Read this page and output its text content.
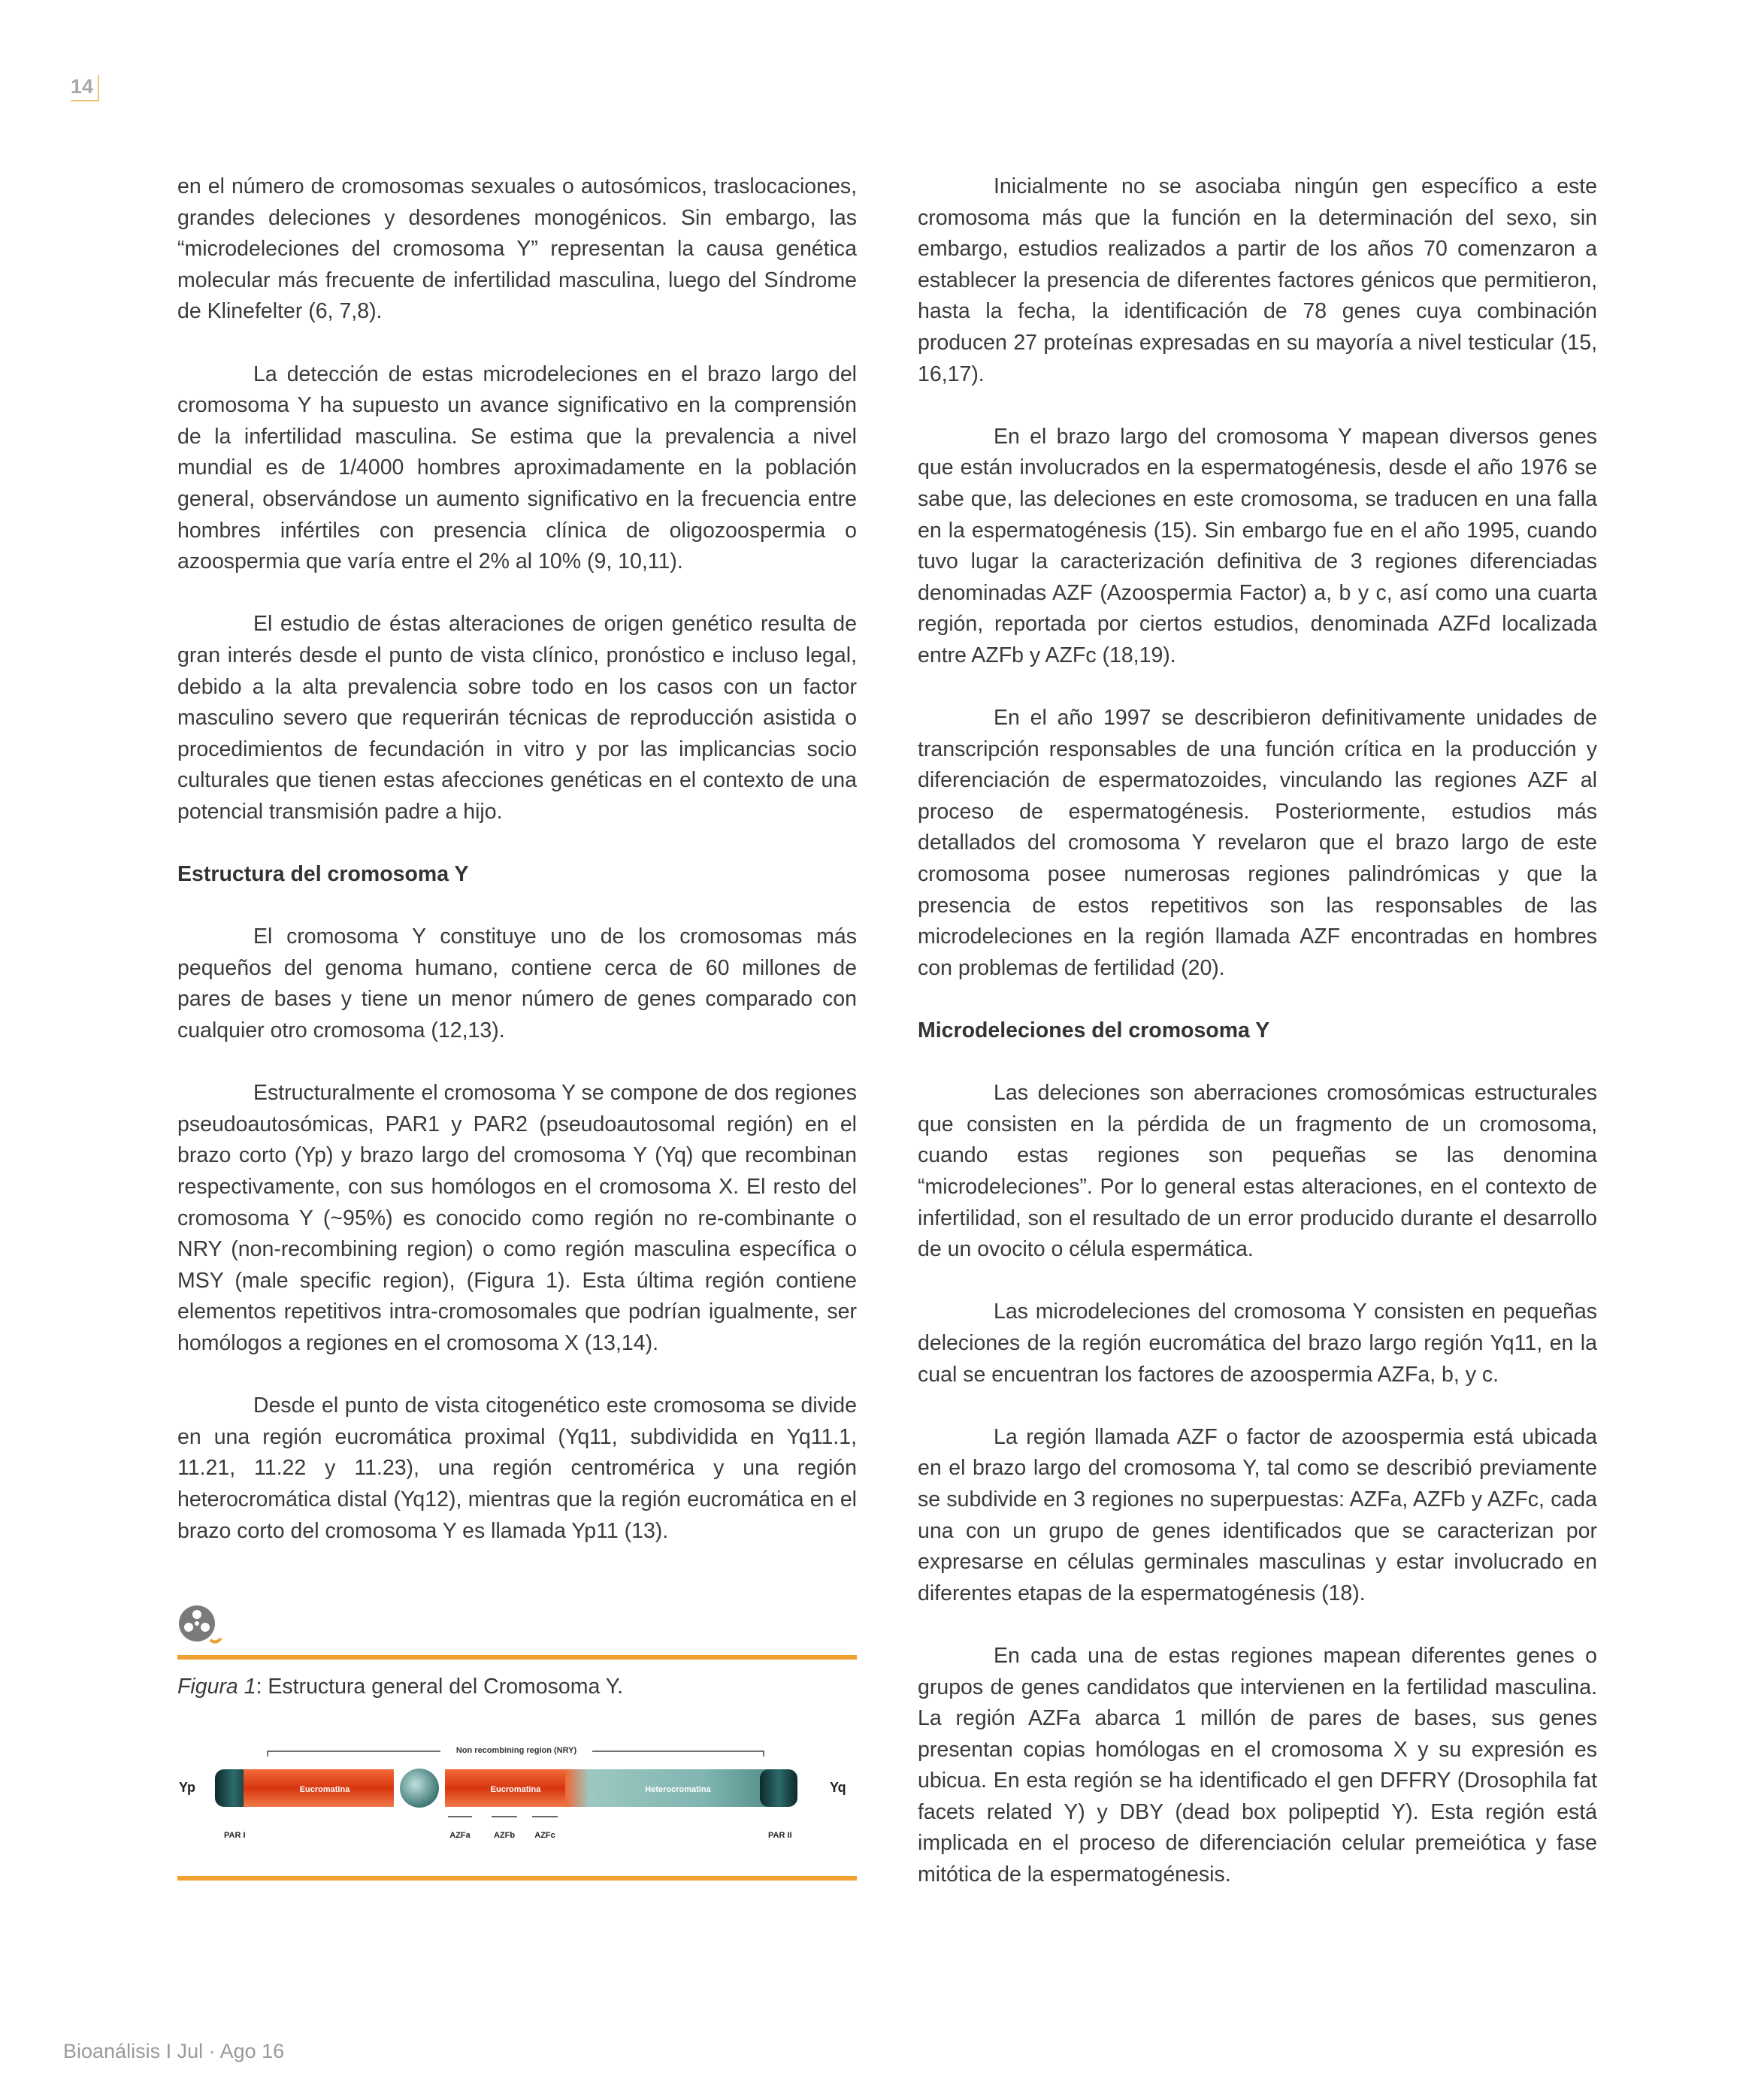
14

en el número de cromosomas sexuales o autosómicos, traslocaciones, grandes deleciones y desordenes monogénicos. Sin embargo, las “microdeleciones del cromosoma Y” representan la causa genética molecular más frecuente de infertilidad masculina, luego del Síndrome de Klinefelter (6, 7,8).

La detección de estas microdeleciones en el brazo largo del cromosoma Y ha supuesto un avance significativo en la comprensión de la infertilidad masculina. Se estima que la prevalencia a nivel mundial es de 1/4000 hombres aproximadamente en la población general, observándose un aumento significativo en la frecuencia entre hombres infértiles con presencia clínica de oligozoospermia o azoospermia que varía entre el 2% al 10% (9, 10,11).

El estudio de éstas alteraciones de origen genético resulta de gran interés desde el punto de vista clínico, pronóstico e incluso legal, debido a la alta prevalencia sobre todo en los casos con un factor masculino severo que requerirán técnicas de reproducción asistida o procedimientos de fecundación in vitro y por las implicancias socio culturales que tienen estas afecciones genéticas en el contexto de una potencial transmisión padre a hijo.

Estructura del cromosoma Y

El cromosoma Y constituye uno de los cromosomas más pequeños del genoma humano, contiene cerca de 60 millones de pares de bases y tiene un menor número de genes comparado con cualquier otro cromosoma (12,13).

Estructuralmente el cromosoma Y se compone de dos regiones pseudoautosómicas, PAR1 y PAR2 (pseudoautosomal región) en el brazo corto (Yp) y brazo largo del cromosoma Y (Yq) que recombinan respectivamente, con sus homólogos en el cromosoma X. El resto del cromosoma Y (~95%) es conocido como región no re-combinante o NRY (non-recombining region) o como región masculina específica o MSY (male specific region), (Figura 1). Esta última región contiene elementos repetitivos intra-cromosomales que podrían igualmente, ser homólogos a regiones en el cromosoma X (13,14).

Desde el punto de vista citogenético este cromosoma se divide en una región eucromática proximal (Yq11, subdividida en Yq11.1, 11.21, 11.22 y 11.23), una región centromérica y una región heterocromática distal (Yq12), mientras que la región eucromática en el brazo corto del cromosoma Y es llamada Yp11 (13).

Inicialmente no se asociaba ningún gen específico a este cromosoma más que la función en la determinación del sexo, sin embargo, estudios realizados a partir de los años 70 comenzaron a establecer la presencia de diferentes factores génicos que permitieron, hasta la fecha, la identificación de 78 genes cuya combinación producen 27 proteínas expresadas en su mayoría a nivel testicular (15, 16,17).

En el brazo largo del cromosoma Y mapean diversos genes que están involucrados en la espermatogénesis, desde el año 1976 se sabe que, las deleciones en este cromosoma, se traducen en una falla en la espermatogénesis (15). Sin embargo fue en el año 1995, cuando tuvo lugar la caracterización definitiva de 3 regiones diferenciadas denominadas AZF (Azoospermia Factor) a, b y c, así como una cuarta región, reportada por ciertos estudios, denominada AZFd localizada entre AZFb y AZFc (18,19).

En el año 1997 se describieron definitivamente unidades de transcripción responsables de una función crítica en la producción y diferenciación de espermatozoides, vinculando las regiones AZF al proceso de espermatogénesis. Posteriormente, estudios más detallados del cromosoma Y revelaron que el brazo largo de este cromosoma posee numerosas regiones palindrómicas y que la presencia de estos repetitivos son las responsables de las microdeleciones en la región llamada AZF encontradas en hombres con problemas de fertilidad (20).

Microdeleciones del cromosoma Y

Las deleciones son aberraciones cromosómicas estructurales que consisten en la pérdida de un fragmento de un cromosoma, cuando estas regiones son pequeñas se las denomina “microdeleciones”. Por lo general estas alteraciones, en el contexto de infertilidad, son el resultado de un error producido durante el desarrollo de un ovocito o célula espermática.

Las microdeleciones del cromosoma Y consisten en pequeñas deleciones de la región eucromática del brazo largo región Yq11, en la cual se encuentran los factores de azoospermia AZFa, b, y c.

La región llamada AZF o factor de azoospermia está ubicada en el brazo largo del cromosoma Y, tal como se describió previamente se subdivide en 3 regiones no superpuestas: AZFa, AZFb y AZFc, cada una con un grupo de genes identificados que se caracterizan por expresarse en células germinales masculinas y estar involucrado en diferentes etapas de la espermatogénesis (18).

En cada una de estas regiones mapean diferentes genes o grupos de genes candidatos que intervienen en la fertilidad masculina. La región AZFa abarca 1 millón de pares de bases, sus genes presentan copias homólogas en el cromosoma X y su expresión es ubicua. En esta región se ha identificado el gen DFFRY (Drosophila fat facets related Y) y DBY (dead box polipeptid Y). Esta región está implicada en el proceso de diferenciación celular premeiótica y fase mitótica de la espermatogénesis.

Figura 1: Estructura general del Cromosoma Y.
Non recombining region (NRY)
Yp	Yq
Eucromatina	Eucromatina	Heterocromatina
PAR I	AZFa	AZFb AZFc	PAR II
Bioanálisis I Jul · Ago 16
